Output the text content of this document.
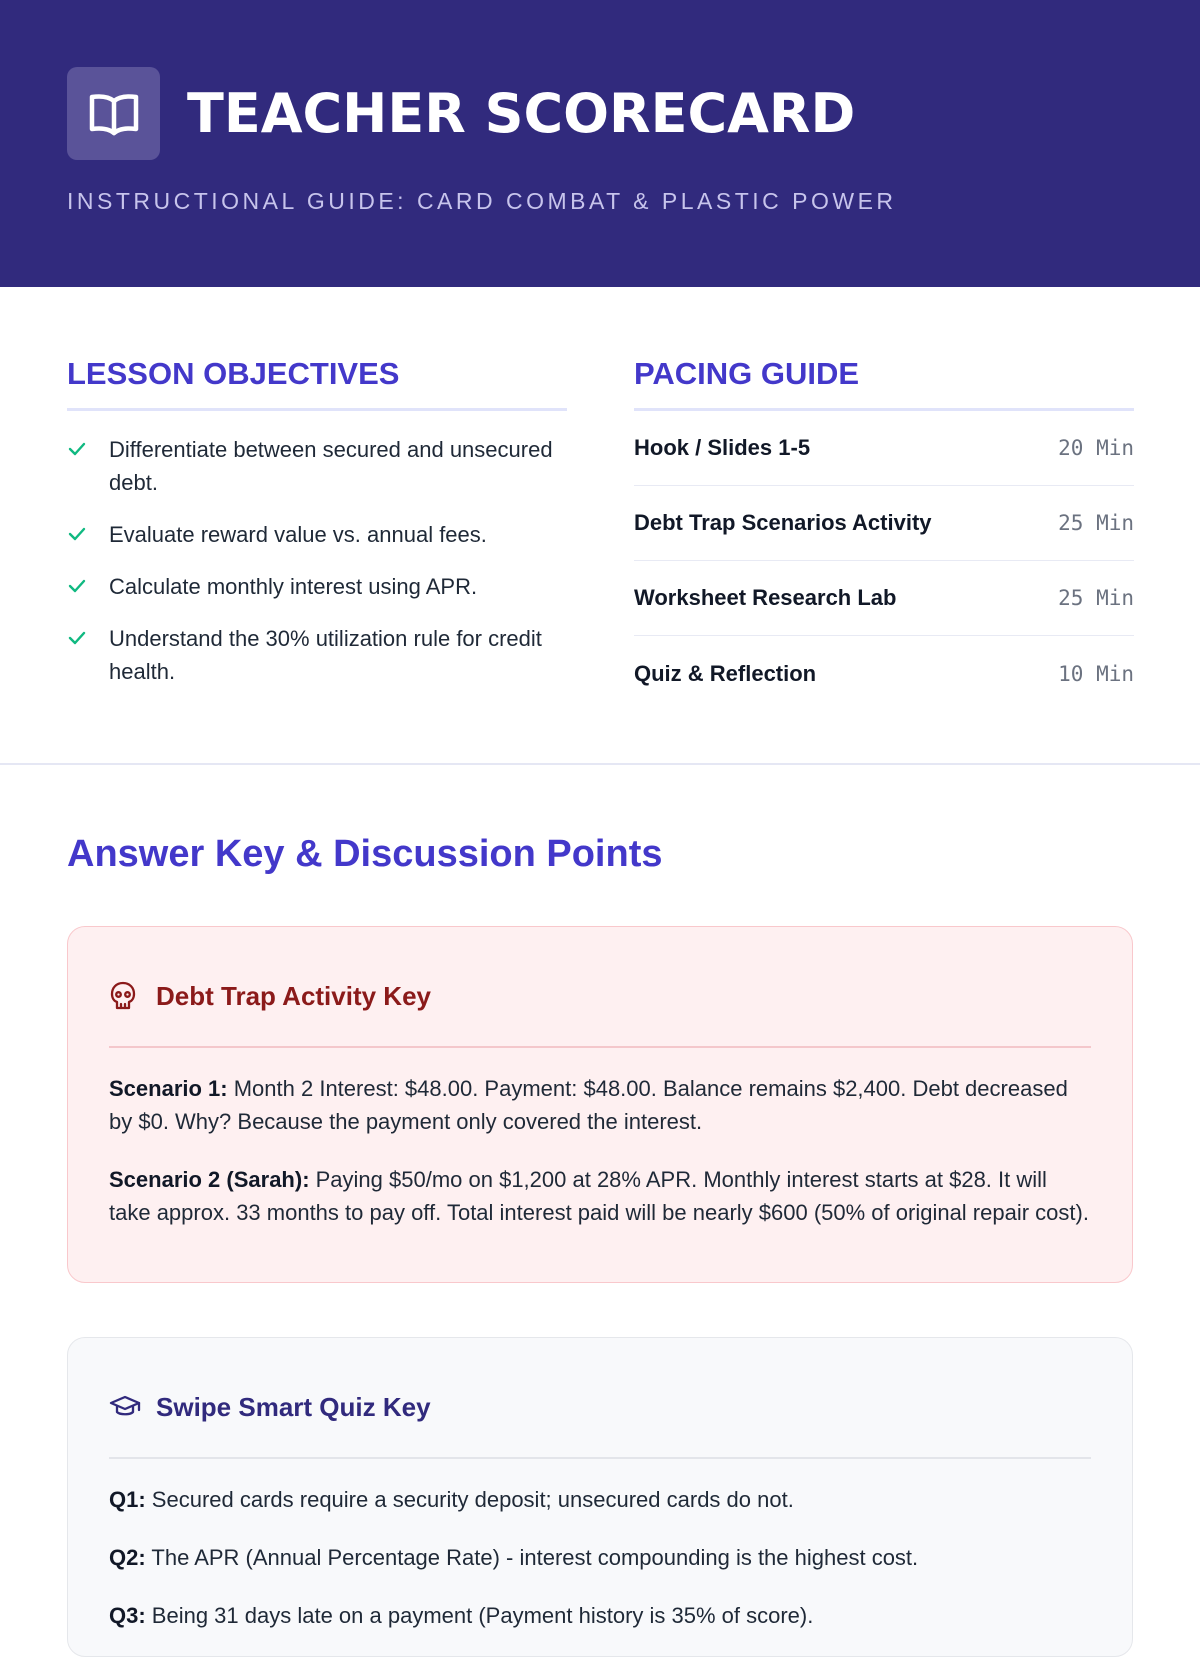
TEACHER SCORECARD
INSTRUCTIONAL GUIDE: CARD COMBAT & PLASTIC POWER
LESSON OBJECTIVES
Differentiate between secured and unsecured debt.
Evaluate reward value vs. annual fees.
Calculate monthly interest using APR.
Understand the 30% utilization rule for credit health.
PACING GUIDE
Hook / Slides 1-5	20 Min
Debt Trap Scenarios Activity	25 Min
Worksheet Research Lab	25 Min
Quiz & Reflection	10 Min
Answer Key & Discussion Points
Debt Trap Activity Key

Scenario 1: Month 2 Interest: $48.00. Payment: $48.00. Balance remains $2,400. Debt decreased by $0. Why? Because the payment only covered the interest.

Scenario 2 (Sarah): Paying $50/mo on $1,200 at 28% APR. Monthly interest starts at $28. It will take approx. 33 months to pay off. Total interest paid will be nearly $600 (50% of original repair cost).

Swipe Smart Quiz Key

Q1: Secured cards require a security deposit; unsecured cards do not.

Q2: The APR (Annual Percentage Rate) - interest compounding is the highest cost.

Q3: Being 31 days late on a payment (Payment history is 35% of score).
